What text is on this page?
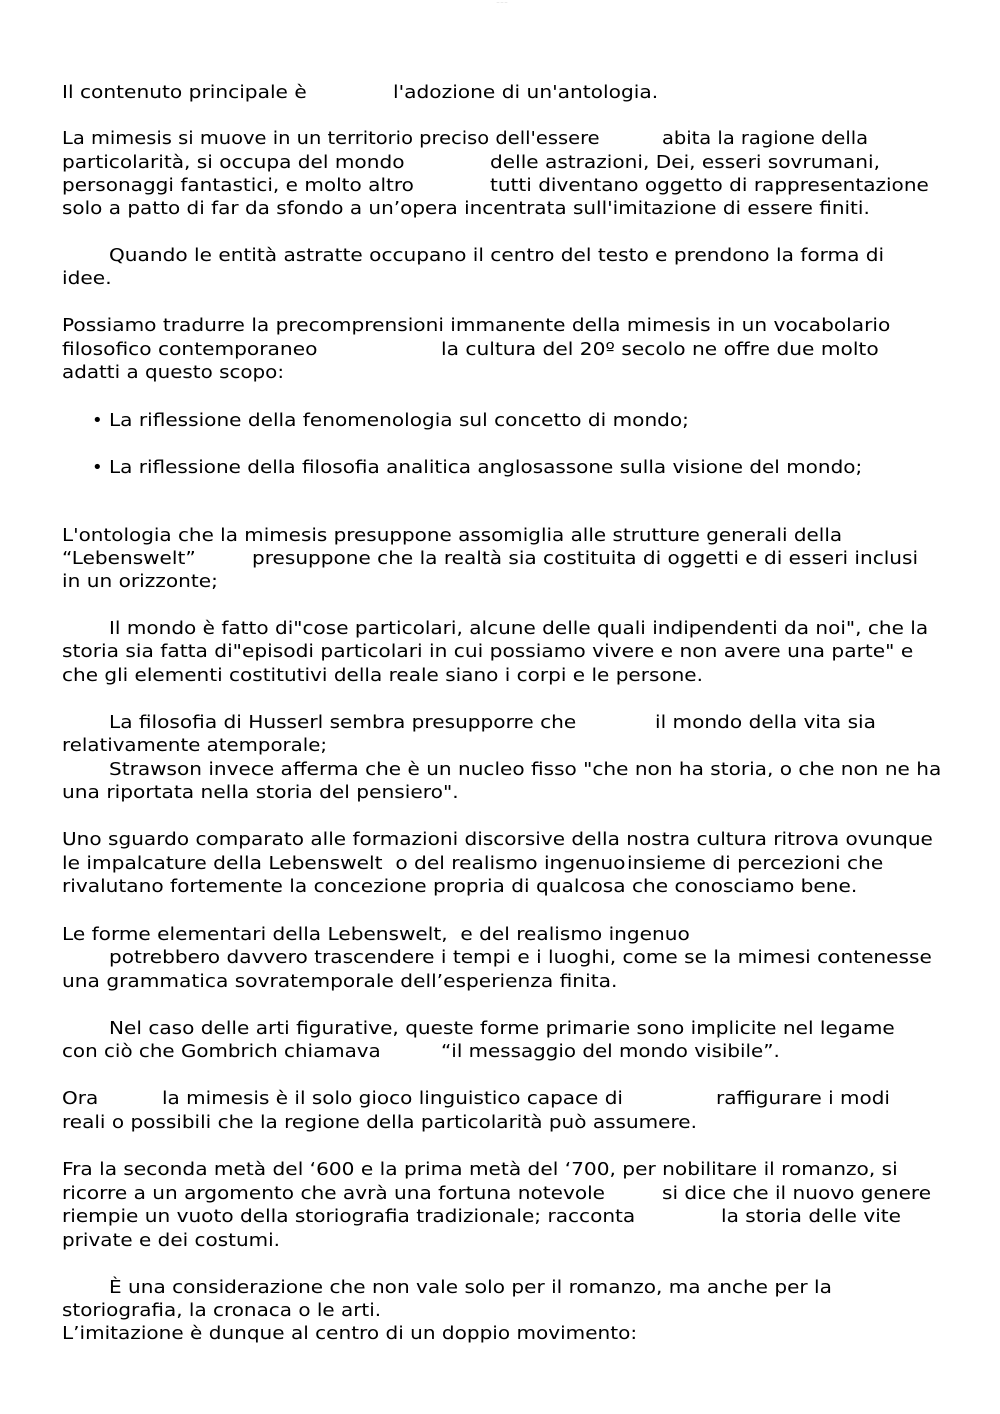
— — —
Il contenuto principale è	l'adozione di un'antologia.
La mimesis si muove in un territorio preciso dell'essere	abita la ragione della
particolarità, si occupa del mondo	delle astrazioni, Dei, esseri sovrumani,
personaggi fantastici, e molto altro	tutti diventano oggetto di rappresentazione
solo a patto di far da sfondo a un’opera incentrata sull'imitazione di essere finiti.
Quando le entità astratte occupano il centro del testo e prendono la forma di
idee.
Possiamo tradurre la precomprensioni immanente della mimesis in un vocabolario
filosofico contemporaneo	la cultura del 20º secolo ne offre due molto
adatti a questo scopo:
• La riflessione della fenomenologia sul concetto di mondo;
• La riflessione della filosofia analitica anglosassone sulla visione del mondo;
L'ontologia che la mimesis presuppone assomiglia alle strutture generali della
“Lebenswelt”	presuppone che la realtà sia costituita di oggetti e di esseri inclusi
in un orizzonte;
Il mondo è fatto di"cose particolari, alcune delle quali indipendenti da noi", che la
storia sia fatta di"episodi particolari in cui possiamo vivere e non avere una parte" e
che gli elementi costitutivi della reale siano i corpi e le persone.
La filosofia di Husserl sembra presupporre che	il mondo della vita sia
relativamente atemporale;
Strawson invece afferma che è un nucleo fisso "che non ha storia, o che non ne ha
una riportata nella storia del pensiero".
Uno sguardo comparato alle formazioni discorsive della nostra cultura ritrova ovunque
le impalcature della Lebenswelt  o del realismo ingenuo insieme di percezioni che
rivalutano fortemente la concezione propria di qualcosa che conosciamo bene.
Le forme elementari della Lebenswelt,  e del realismo ingenuo
potrebbero davvero trascendere i tempi e i luoghi, come se la mimesi contenesse
una grammatica sovratemporale dell’esperienza finita.
Nel caso delle arti figurative, queste forme primarie sono implicite nel legame
con ciò che Gombrich chiamava	“il messaggio del mondo visibile”.
Ora	la mimesis è il solo gioco linguistico capace di	raffigurare i modi
reali o possibili che la regione della particolarità può assumere.
Fra la seconda metà del ‘600 e la prima metà del ‘700, per nobilitare il romanzo, si
ricorre a un argomento che avrà una fortuna notevole	si dice che il nuovo genere
riempie un vuoto della storiografia tradizionale; racconta	la storia delle vite
private e dei costumi.
È una considerazione che non vale solo per il romanzo, ma anche per la
storiografia, la cronaca o le arti.
L’imitazione è dunque al centro di un doppio movimento:
